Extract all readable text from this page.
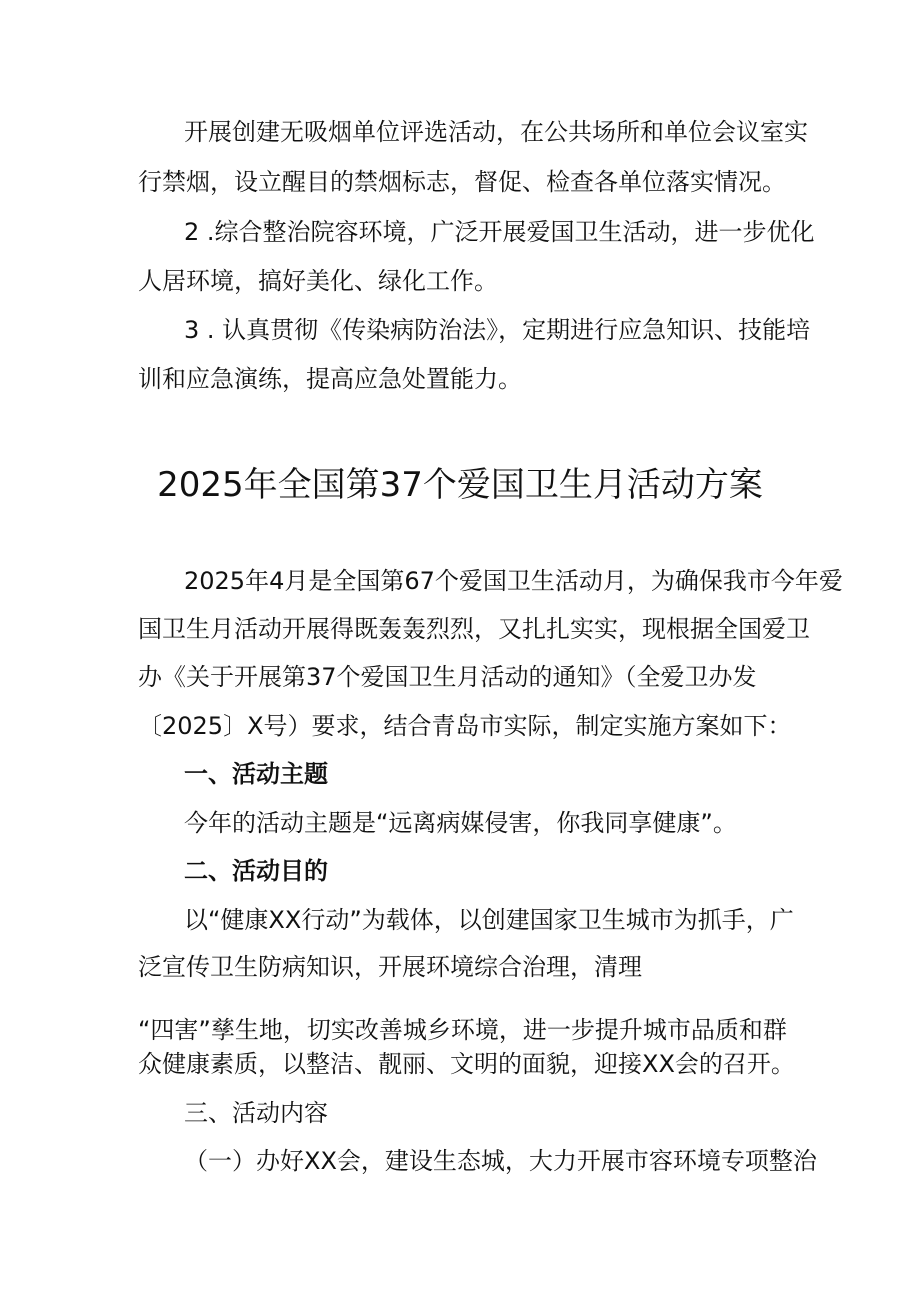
开展创建无吸烟单位评选活动，在公共场所和单位会议室实
行禁烟，设立醒目的禁烟标志，督促、检查各单位落实情况。
2 .综合整治院容环境，广泛开展爱国卫生活动，进一步优化
人居环境，搞好美化、绿化工作。
3 . 认真贯彻《传染病防治法》，定期进行应急知识、技能培
训和应急演练，提高应急处置能力。
2025年全国第37个爱国卫生月活动方案
2025年4月是全国第67个爱国卫生活动月，为确保我市今年爱
国卫生月活动开展得既轰轰烈烈，又扎扎实实，现根据全国爱卫
办《关于开展第37个爱国卫生月活动的通知》（全爱卫办发
〔2025〕X号）要求，结合青岛市实际，制定实施方案如下：
一、活动主题
今年的活动主题是“远离病媒侵害，你我同享健康”。
二、活动目的
以“健康XX行动”为载体，以创建国家卫生城市为抓手，广
泛宣传卫生防病知识，开展环境综合治理，清理
“四害”孳生地，切实改善城乡环境，进一步提升城市品质和群
众健康素质，以整洁、靓丽、文明的面貌，迎接XX会的召开。
三、活动内容
（一）办好XX会，建设生态城，大力开展市容环境专项整治
